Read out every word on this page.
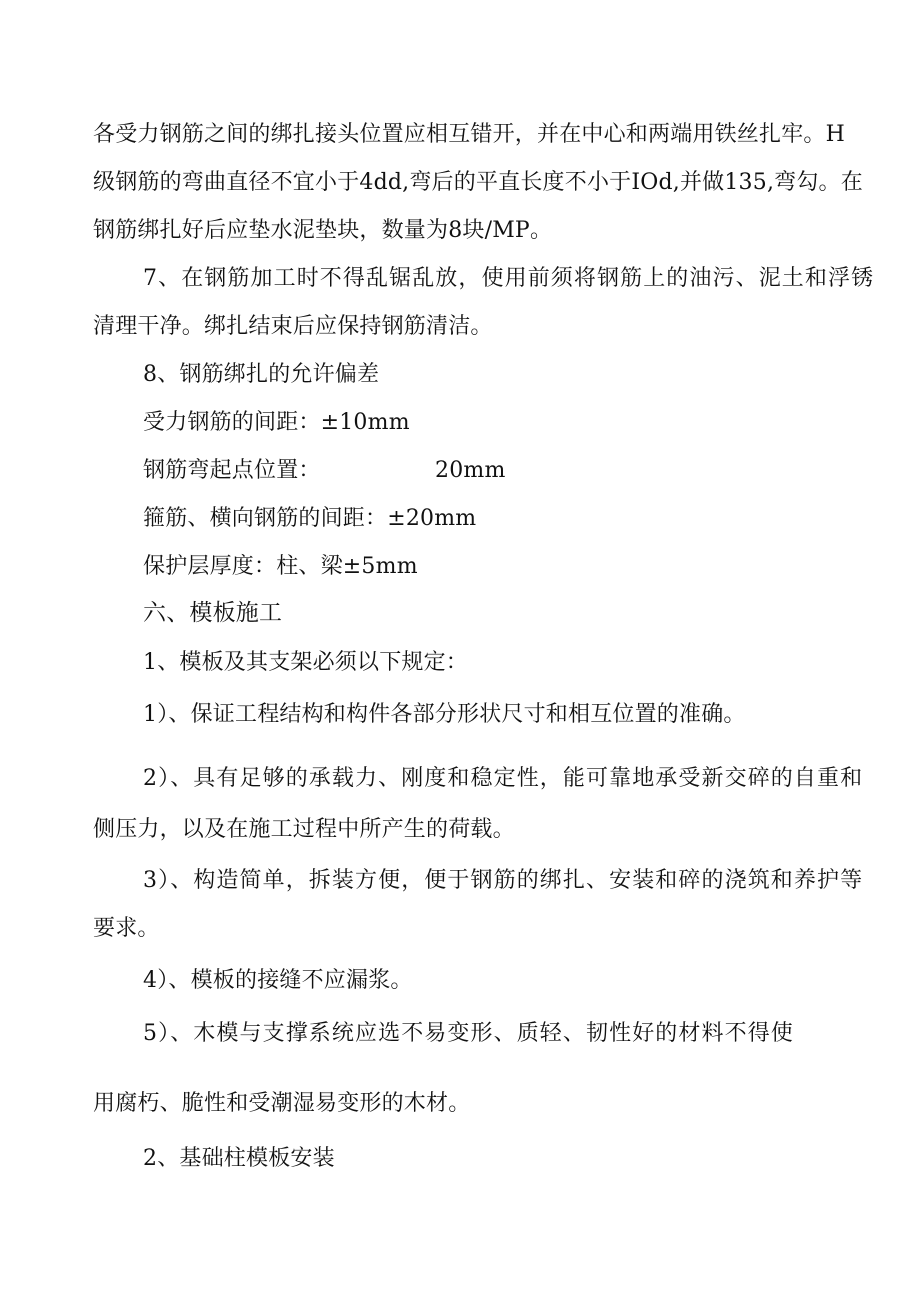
各受力钢筋之间的绑扎接头位置应相互错开，并在中心和两端用铁丝扎牢。H
级钢筋的弯曲直径不宜小于4dd,弯后的平直长度不小于IOd,并做135,弯勾。在
钢筋绑扎好后应垫水泥垫块，数量为8块/MP。
7、在钢筋加工时不得乱锯乱放，使用前须将钢筋上的油污、泥土和浮锈
清理干净。绑扎结束后应保持钢筋清洁。
8、钢筋绑扎的允许偏差
受力钢筋的间距：±10mm
钢筋弯起点位置：	20mm
箍筋、横向钢筋的间距：±20mm
保护层厚度：柱、梁±5mm
六、模板施工
1、模板及其支架必须以下规定：
1）、保证工程结构和构件各部分形状尺寸和相互位置的准确。
2）、具有足够的承载力、刚度和稳定性，能可靠地承受新交碎的自重和
侧压力，以及在施工过程中所产生的荷载。
3）、构造简单，拆装方便，便于钢筋的绑扎、安装和碎的浇筑和养护等
要求。
4）、模板的接缝不应漏浆。
5）、木模与支撑系统应选不易变形、质轻、韧性好的材料不得使
用腐朽、脆性和受潮湿易变形的木材。
2、基础柱模板安装
